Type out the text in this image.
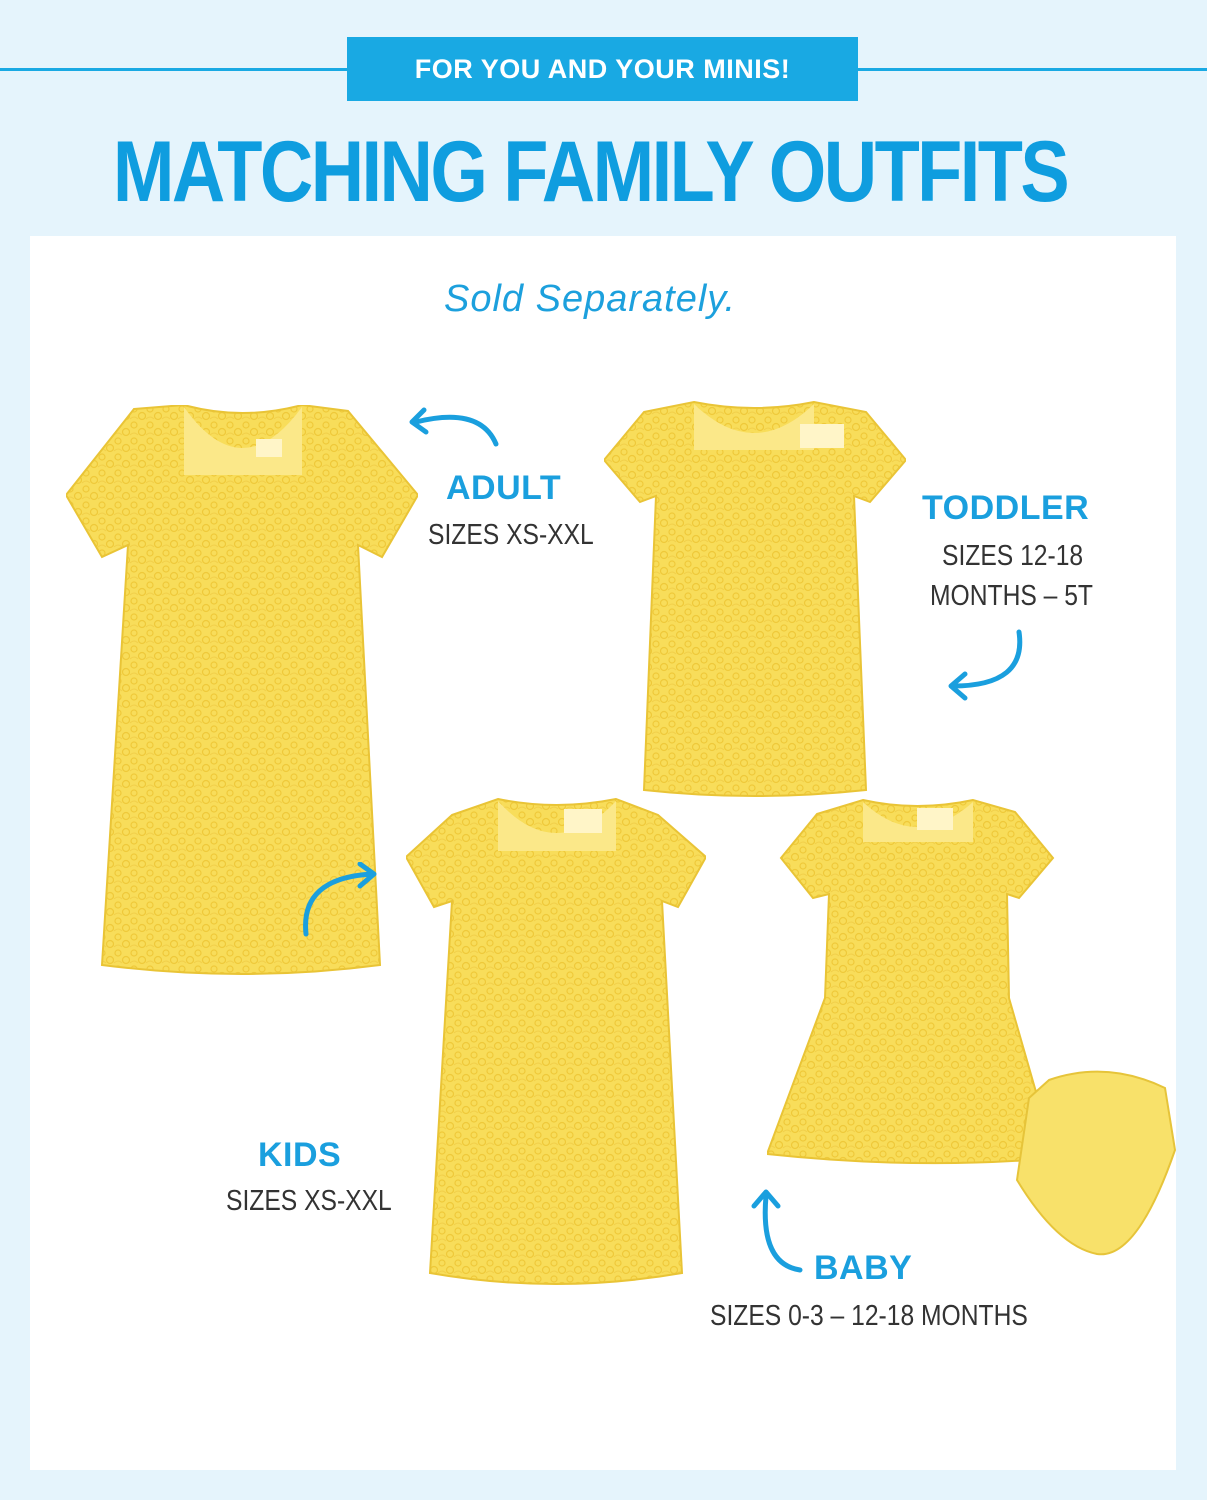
FOR YOU AND YOUR MINIS!
MATCHING FAMILY OUTFITS
Sold Separately.
ADULT
SIZES XS-XXL
TODDLER
SIZES 12-18
MONTHS – 5T
KIDS
SIZES XS-XXL
BABY
SIZES 0-3 – 12-18 MONTHS
